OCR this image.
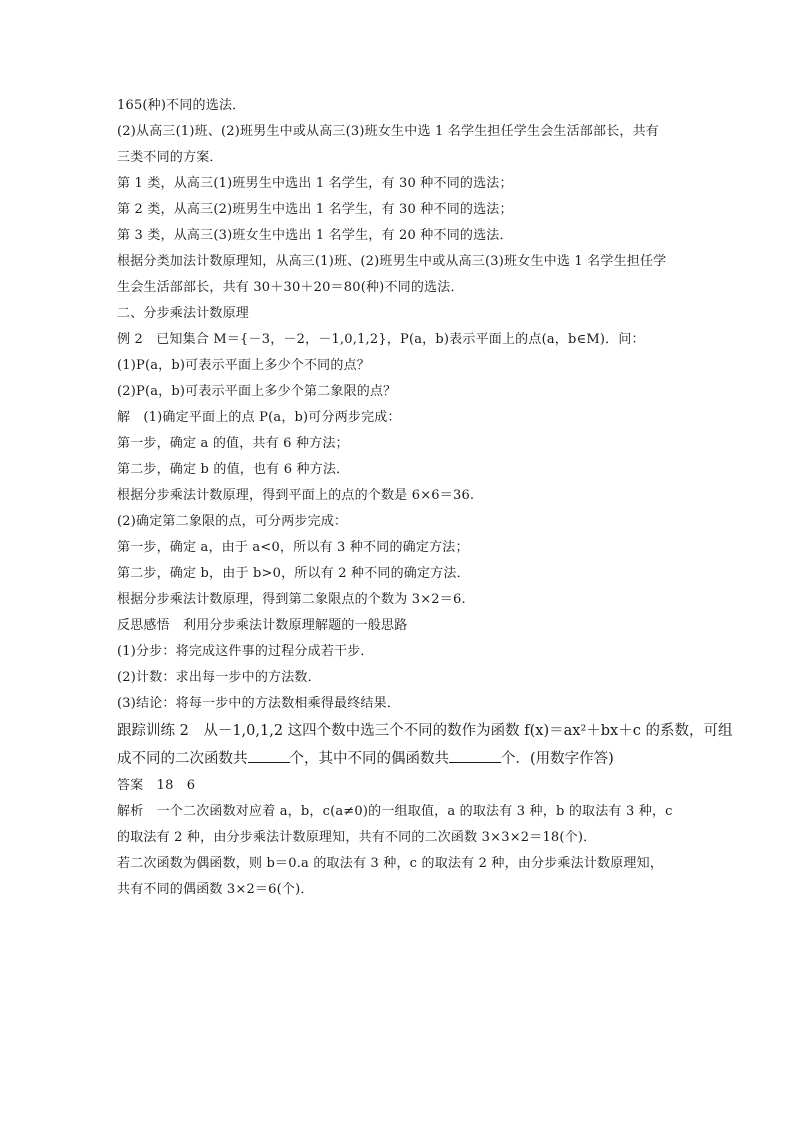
165(种)不同的选法．
(2)从高三(1)班、(2)班男生中或从高三(3)班女生中选 1 名学生担任学生会生活部部长，共有
三类不同的方案．
第 1 类，从高三(1)班男生中选出 1 名学生，有 30 种不同的选法；
第 2 类，从高三(2)班男生中选出 1 名学生，有 30 种不同的选法；
第 3 类，从高三(3)班女生中选出 1 名学生，有 20 种不同的选法．
根据分类加法计数原理知，从高三(1)班、(2)班男生中或从高三(3)班女生中选 1 名学生担任学
生会生活部部长，共有 30＋30＋20＝80(种)不同的选法．
二、分步乘法计数原理
例 2　已知集合 M＝{－3，－2，－1,0,1,2}，P(a，b)表示平面上的点(a，b∈M)．问：
(1)P(a，b)可表示平面上多少个不同的点？
(2)P(a，b)可表示平面上多少个第二象限的点？
解　(1)确定平面上的点 P(a，b)可分两步完成：
第一步，确定 a 的值，共有 6 种方法；
第二步，确定 b 的值，也有 6 种方法．
根据分步乘法计数原理，得到平面上的点的个数是 6×6＝36.
(2)确定第二象限的点，可分两步完成：
第一步，确定 a，由于 a<0，所以有 3 种不同的确定方法；
第二步，确定 b，由于 b>0，所以有 2 种不同的确定方法．
根据分步乘法计数原理，得到第二象限点的个数为 3×2＝6.
反思感悟　利用分步乘法计数原理解题的一般思路
(1)分步：将完成这件事的过程分成若干步．
(2)计数：求出每一步中的方法数．
(3)结论：将每一步中的方法数相乘得最终结果．
跟踪训练 2　从－1,0,1,2 这四个数中选三个不同的数作为函数 f(x)＝ax²＋bx＋c 的系数，可组
成不同的二次函数共	个，其中不同的偶函数共	个．(用数字作答)
答案　18　6
解析　一个二次函数对应着 a，b，c(a≠0)的一组取值，a 的取法有 3 种，b 的取法有 3 种，c
的取法有 2 种，由分步乘法计数原理知，共有不同的二次函数 3×3×2＝18(个)．
若二次函数为偶函数，则 b＝0.a 的取法有 3 种，c 的取法有 2 种，由分步乘法计数原理知，
共有不同的偶函数 3×2＝6(个)．
